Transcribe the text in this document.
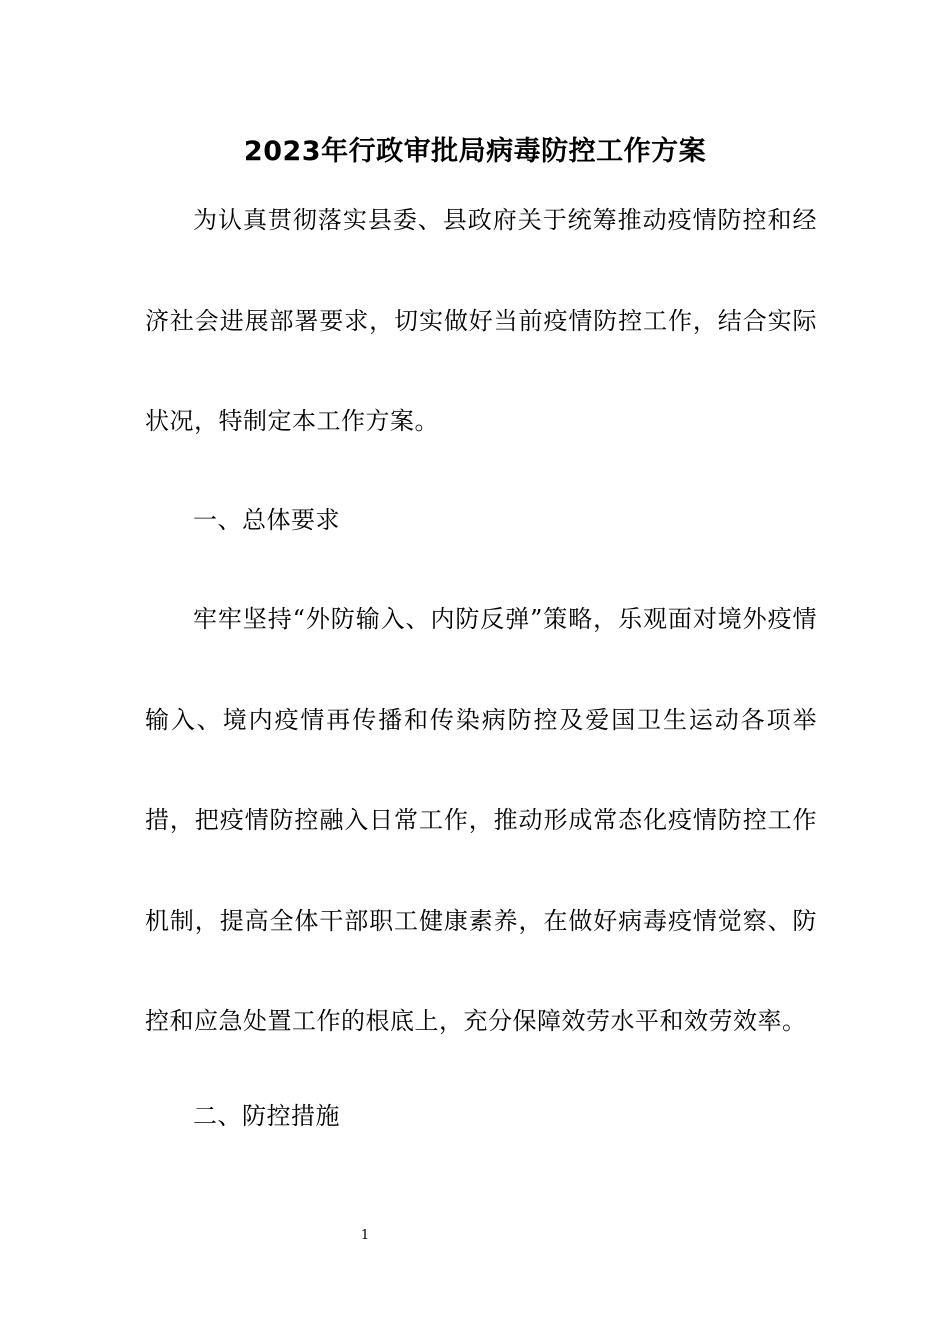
2023年行政审批局病毒防控工作方案

为认真贯彻落实县委、县政府关于统筹推动疫情防控和经济社会进展部署要求，切实做好当前疫情防控工作，结合实际状况，特制定本工作方案。

一、总体要求

牢牢坚持“外防输入、内防反弹”策略，乐观面对境外疫情输入、境内疫情再传播和传染病防控及爱国卫生运动各项举措，把疫情防控融入日常工作，推动形成常态化疫情防控工作机制，提高全体干部职工健康素养，在做好病毒疫情觉察、防控和应急处置工作的根底上，充分保障效劳水平和效劳效率。

二、防控措施

1
